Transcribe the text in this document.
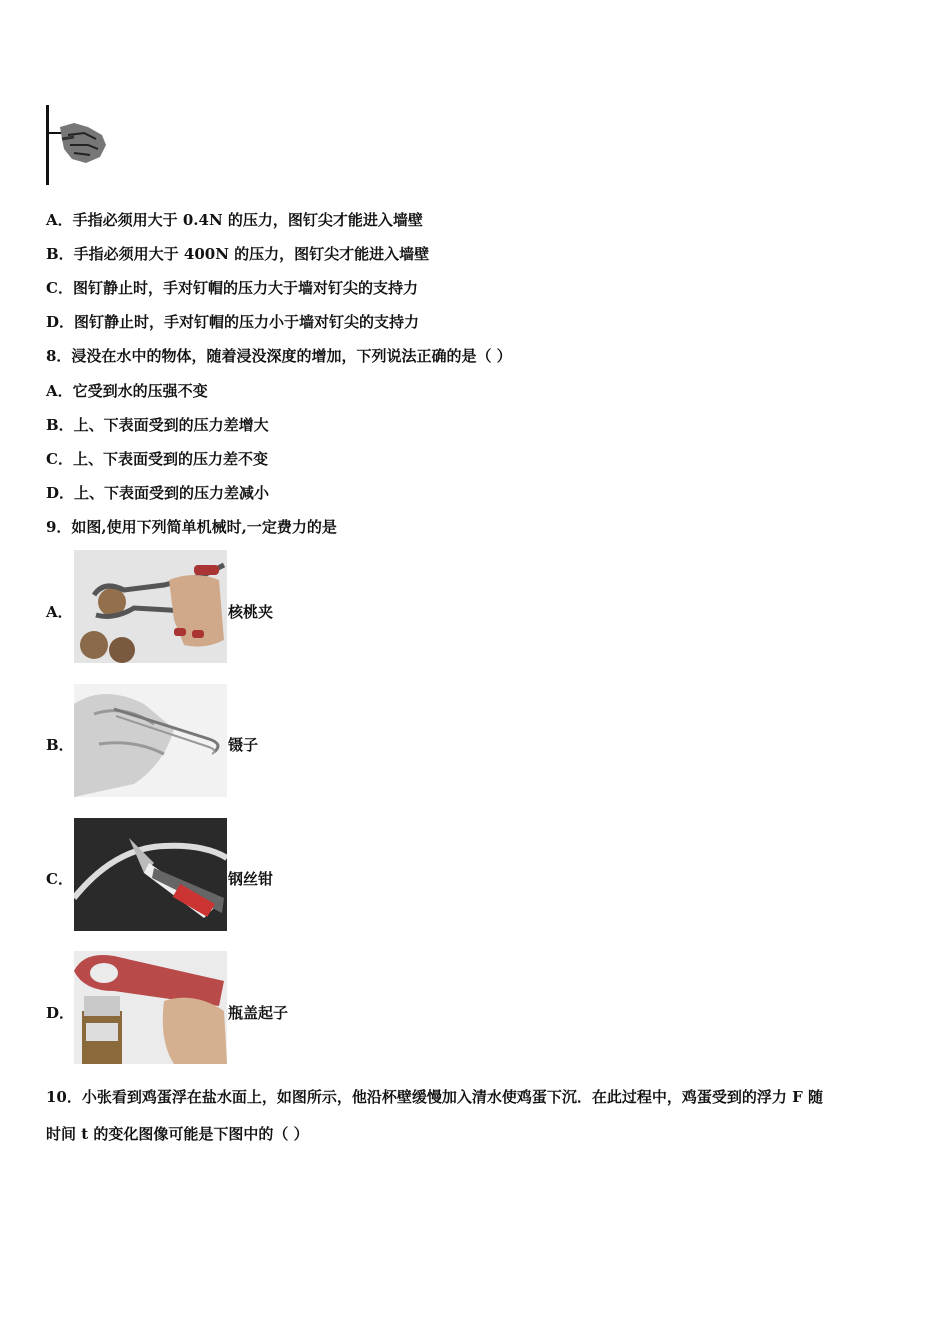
A．手指必须用大于 0.4N 的压力，图钉尖才能进入墙壁
B．手指必须用大于 400N 的压力，图钉尖才能进入墙壁
C．图钉静止时，手对钉帽的压力大于墙对钉尖的支持力
D．图钉静止时，手对钉帽的压力小于墙对钉尖的支持力
8．浸没在水中的物体，随着浸没深度的增加，下列说法正确的是（ ）
A．它受到水的压强不变
B．上、下表面受到的压力差增大
C．上、下表面受到的压力差不变
D．上、下表面受到的压力差减小
9．如图,使用下列简单机械时,一定费力的是
A．	核桃夹
B．	镊子
C．	钢丝钳
D．	瓶盖起子
10．小张看到鸡蛋浮在盐水面上，如图所示，他沿杯壁缓慢加入清水使鸡蛋下沉．在此过程中，鸡蛋受到的浮力 F 随
时间 t 的变化图像可能是下图中的（ ）
